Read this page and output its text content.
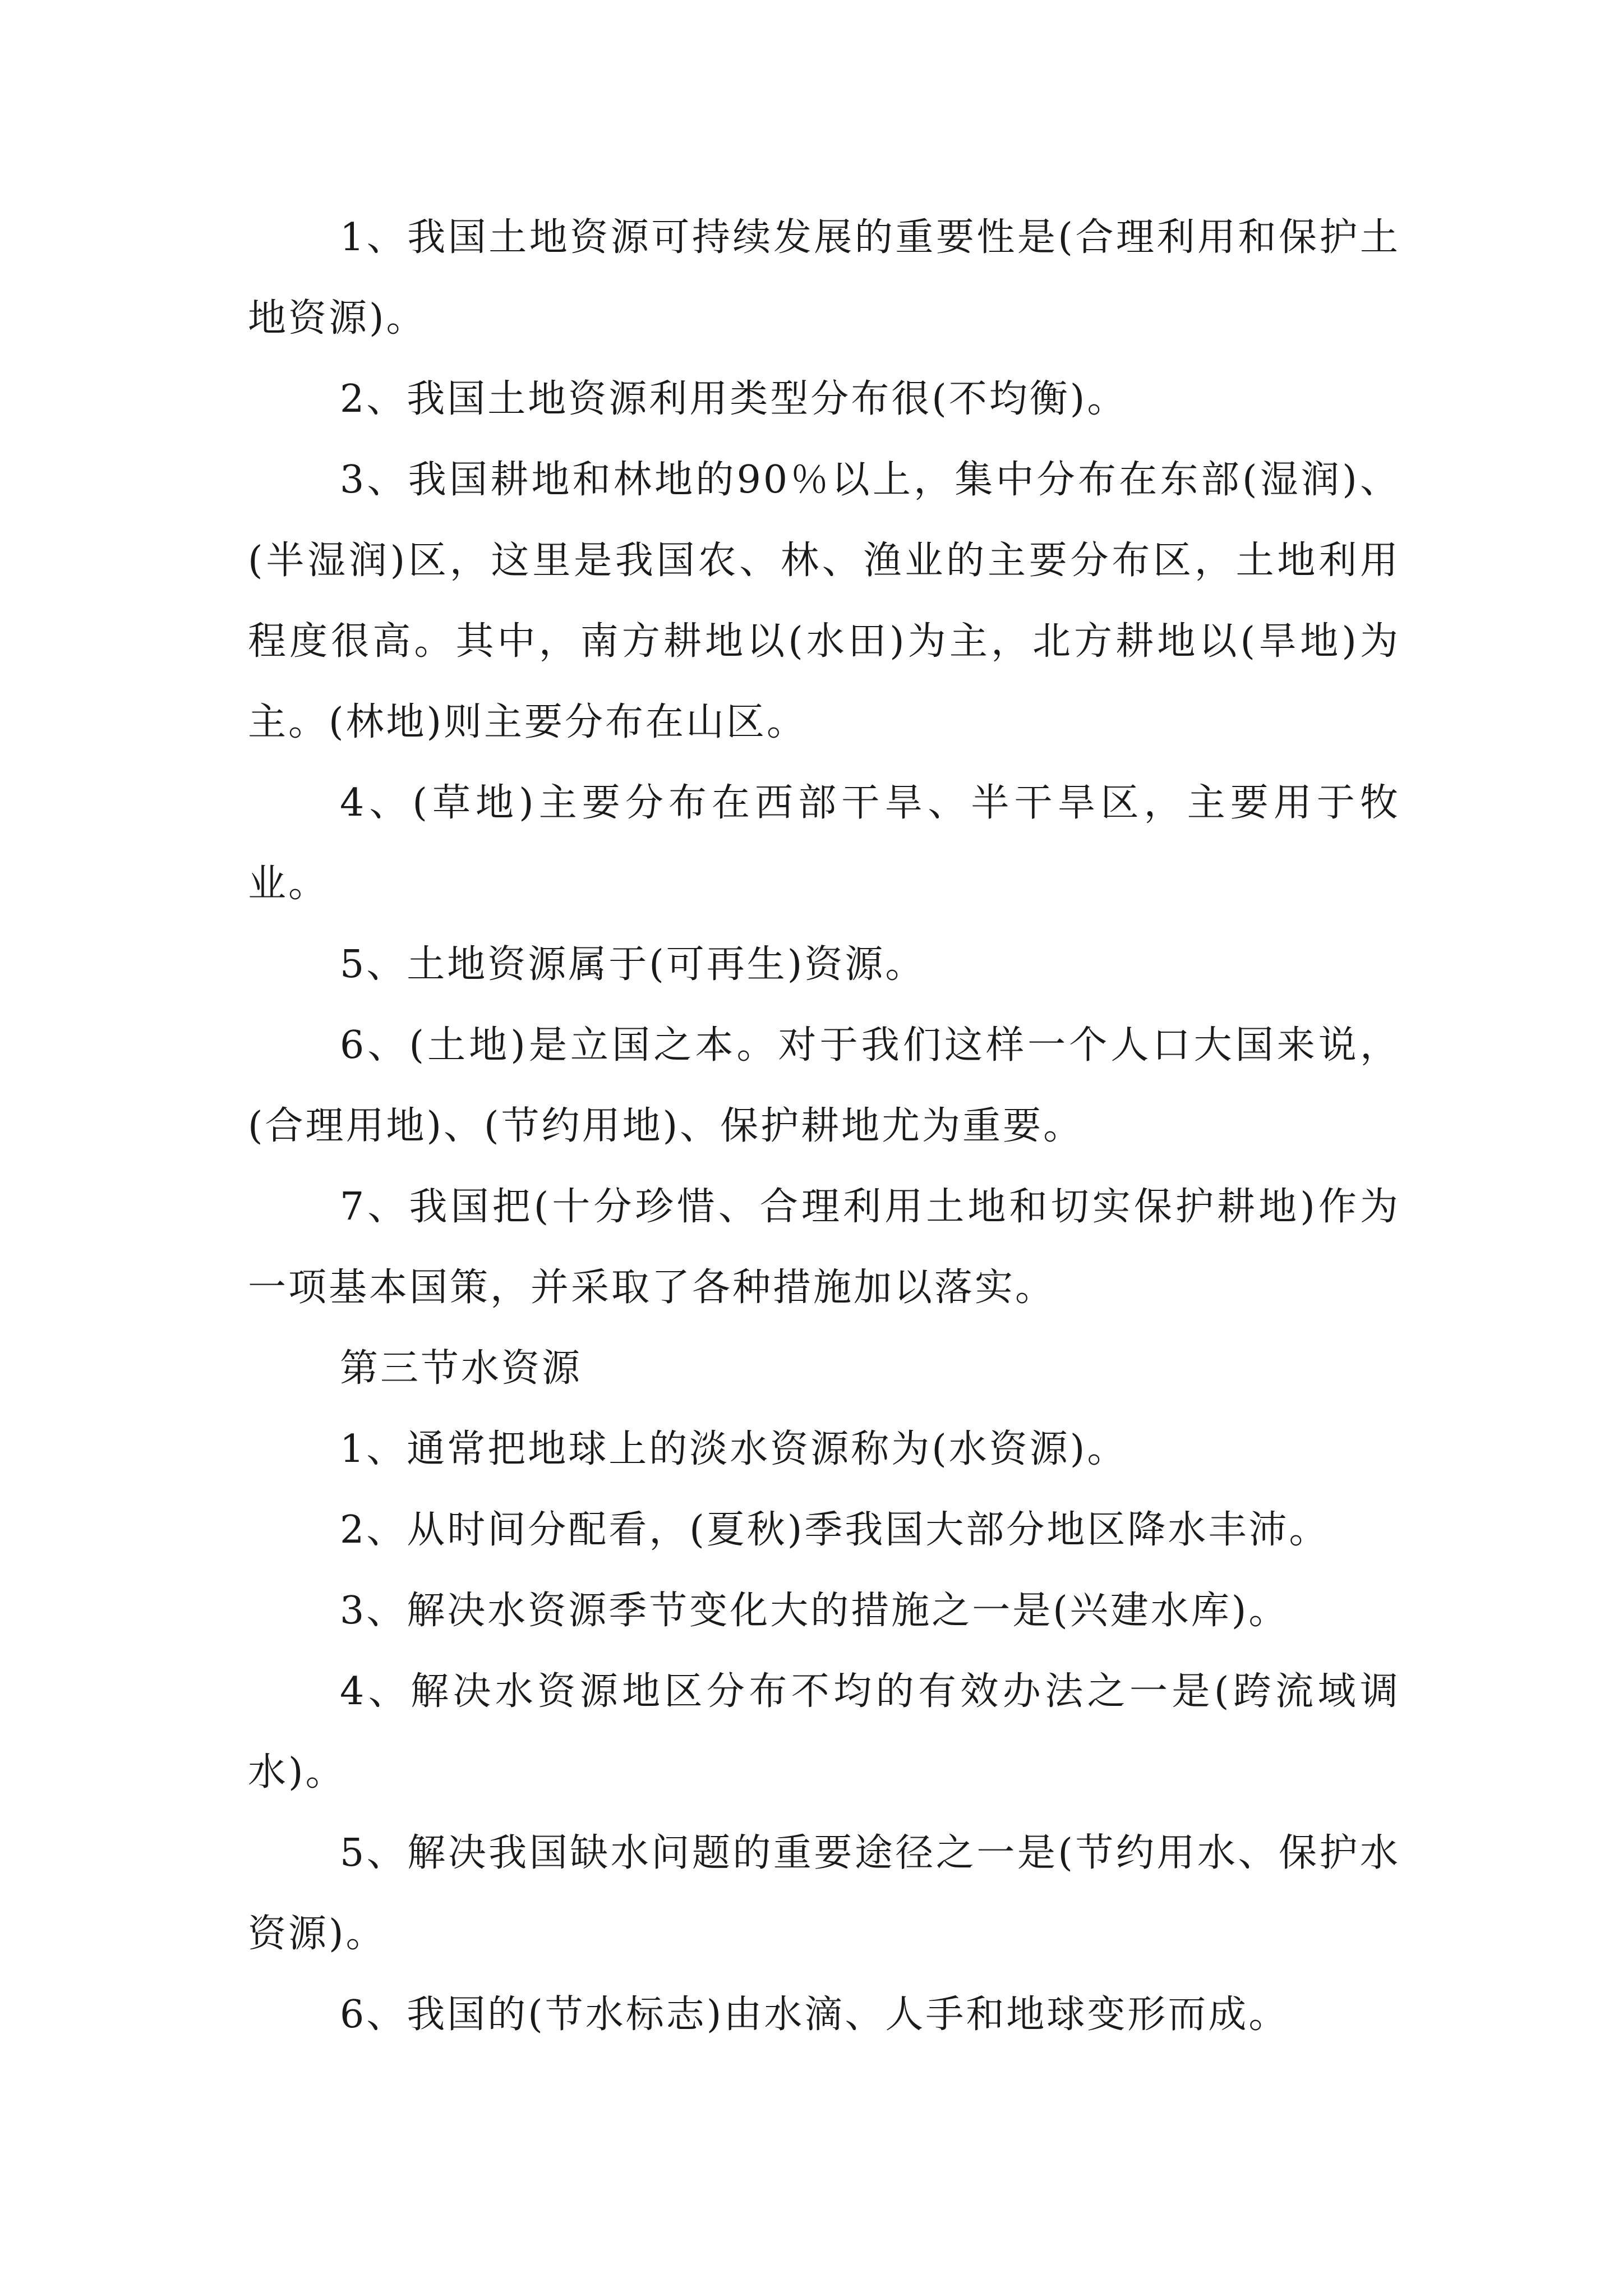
1、我国土地资源可持续发展的重要性是(合理利用和保护土地资源)。

2、我国土地资源利用类型分布很(不均衡)。

3、我国耕地和林地的90％以上，集中分布在东部(湿润)、(半湿润)区，这里是我国农、林、渔业的主要分布区，土地利用程度很高。其中，南方耕地以(水田)为主，北方耕地以(旱地)为主。(林地)则主要分布在山区。

4、(草地)主要分布在西部干旱、半干旱区，主要用于牧业。

5、土地资源属于(可再生)资源。

6、(土地)是立国之本。对于我们这样一个人口大国来说，(合理用地)、(节约用地)、保护耕地尤为重要。

7、我国把(十分珍惜、合理利用土地和切实保护耕地)作为一项基本国策，并采取了各种措施加以落实。

第三节水资源

1、通常把地球上的淡水资源称为(水资源)。

2、从时间分配看，(夏秋)季我国大部分地区降水丰沛。

3、解决水资源季节变化大的措施之一是(兴建水库)。

4、解决水资源地区分布不均的有效办法之一是(跨流域调水)。

5、解决我国缺水问题的重要途径之一是(节约用水、保护水资源)。

6、我国的(节水标志)由水滴、人手和地球变形而成。
